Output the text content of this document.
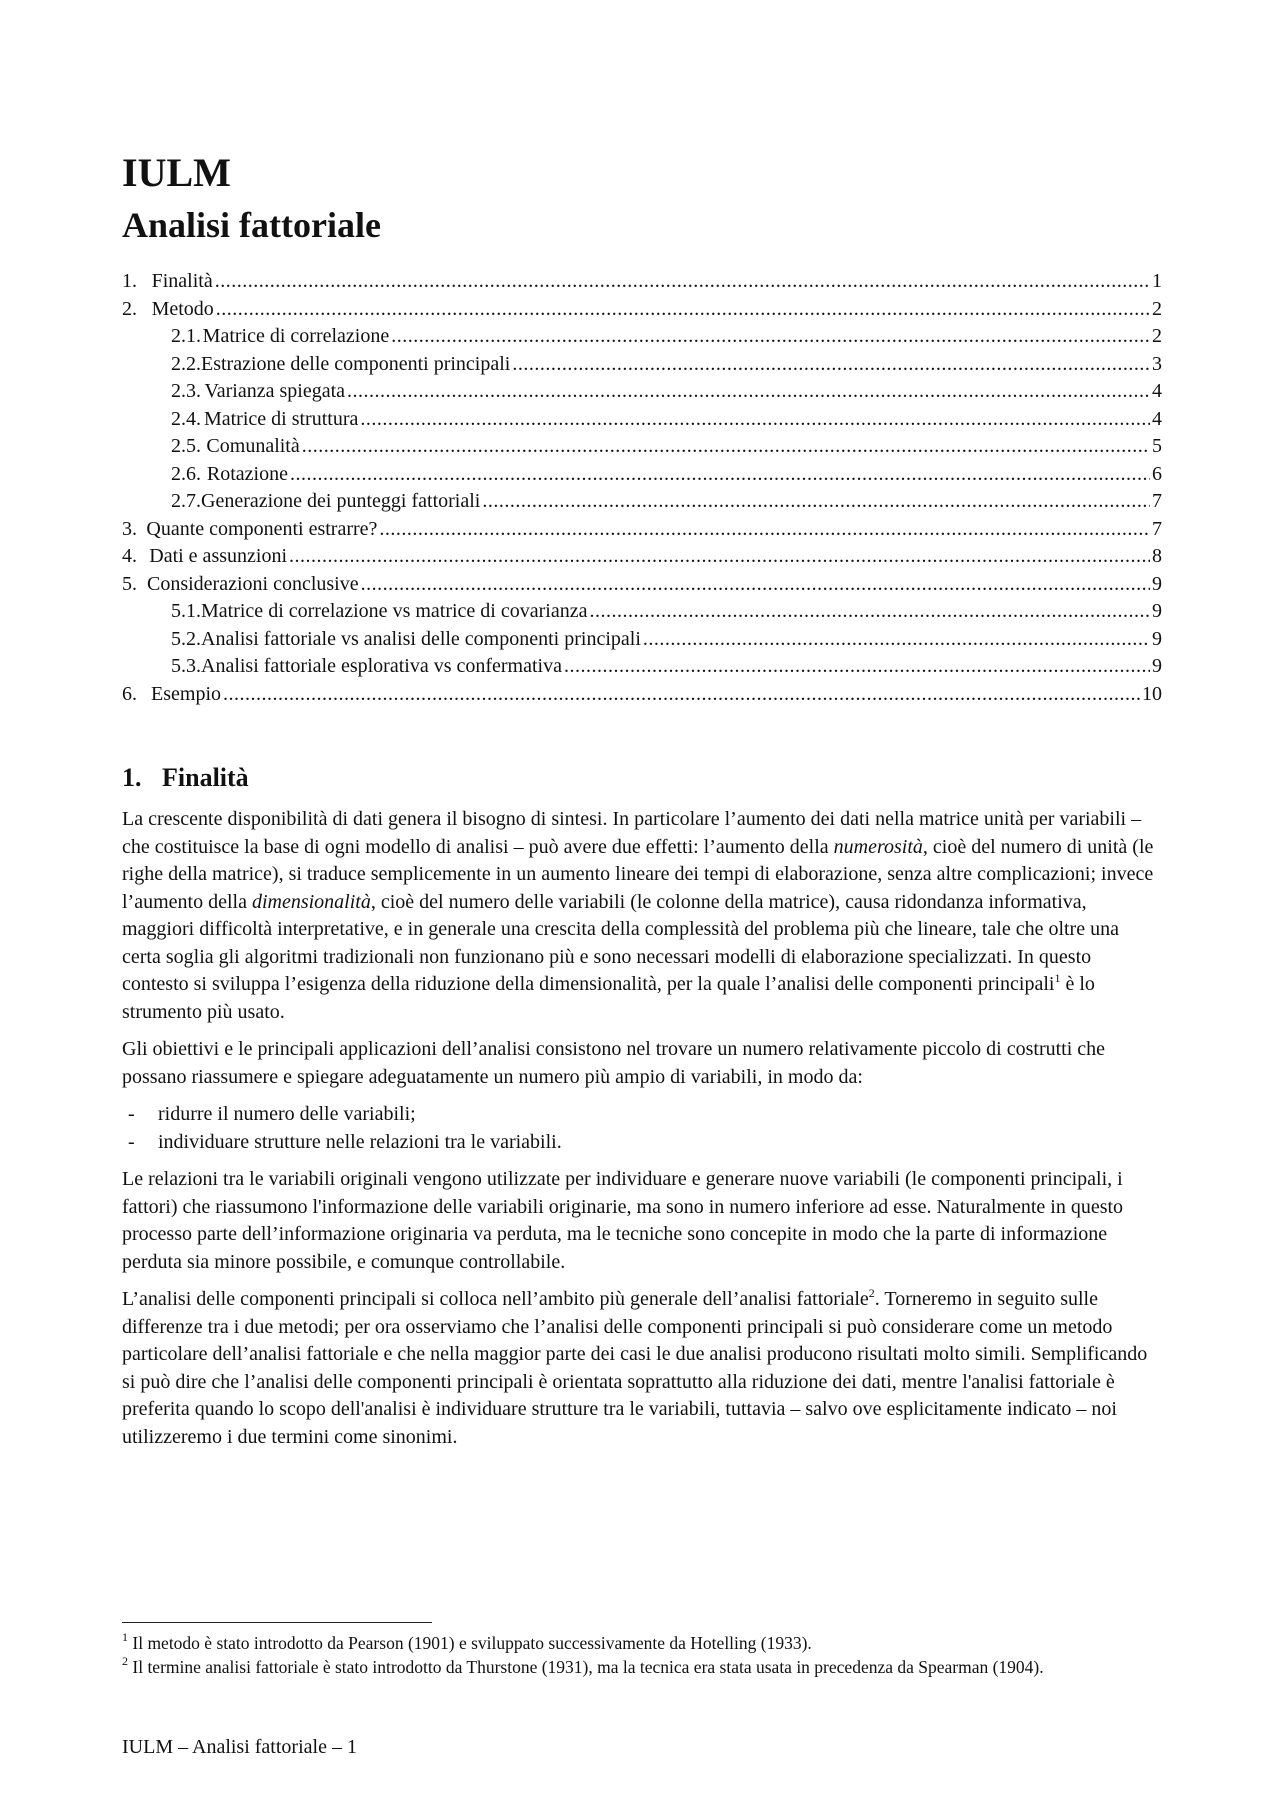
IULM
Analisi fattoriale
1. Finalità .....	1
2. Metodo .....	2
2.1. Matrice di correlazione .....	2
2.2. Estrazione delle componenti principali .....	3
2.3. Varianza spiegata .....	4
2.4. Matrice di struttura .....	4
2.5. Comunalità .....	5
2.6. Rotazione .....	6
2.7. Generazione dei punteggi fattoriali .....	7
3. Quante componenti estrarre? .....	7
4. Dati e assunzioni .....	8
5. Considerazioni conclusive .....	9
5.1. Matrice di correlazione vs matrice di covarianza .....	9
5.2. Analisi fattoriale vs analisi delle componenti principali .....	9
5.3. Analisi fattoriale esplorativa vs confermativa .....	9
6. Esempio .....	10
1. Finalità

La crescente disponibilità di dati genera il bisogno di sintesi. In particolare l’aumento dei dati nella matrice unità per variabili – che costituisce la base di ogni modello di analisi – può avere due effetti: l’aumento della numerosità, cioè del numero di unità (le righe della matrice), si traduce semplicemente in un aumento lineare dei tempi di elaborazione, senza altre complicazioni; invece l’aumento della dimensionalità, cioè del numero delle variabili (le colonne della matrice), causa ridondanza informativa, maggiori difficoltà interpretative, e in generale una crescita della complessità del problema più che lineare, tale che oltre una certa soglia gli algoritmi tradizionali non funzionano più e sono necessari modelli di elaborazione specializzati. In questo contesto si sviluppa l’esigenza della riduzione della dimensionalità, per la quale l’analisi delle componenti principali$^1$ è lo strumento più usato.

Gli obiettivi e le principali applicazioni dell’analisi consistono nel trovare un numero relativamente piccolo di costrutti che possano riassumere e spiegare adeguatamente un numero più ampio di variabili, in modo da:

-	ridurre il numero delle variabili;
-	individuare strutture nelle relazioni tra le variabili.

Le relazioni tra le variabili originali vengono utilizzate per individuare e generare nuove variabili (le componenti principali, i fattori) che riassumono l'informazione delle variabili originarie, ma sono in numero inferiore ad esse. Naturalmente in questo processo parte dell’informazione originaria va perduta, ma le tecniche sono concepite in modo che la parte di informazione perduta sia minore possibile, e comunque controllabile.

L’analisi delle componenti principali si colloca nell’ambito più generale dell’analisi fattoriale$^2$. Torneremo in seguito sulle differenze tra i due metodi; per ora osserviamo che l’analisi delle componenti principali si può considerare come un metodo particolare dell’analisi fattoriale e che nella maggior parte dei casi le due analisi producono risultati molto simili. Semplificando si può dire che l’analisi delle componenti principali è orientata soprattutto alla riduzione dei dati, mentre l'analisi fattoriale è preferita quando lo scopo dell'analisi è individuare strutture tra le variabili, tuttavia – salvo ove esplicitamente indicato – noi utilizzeremo i due termini come sinonimi.

$^1$ Il metodo è stato introdotto da Pearson (1901) e sviluppato successivamente da Hotelling (1933).

$^2$ Il termine analisi fattoriale è stato introdotto da Thurstone (1931), ma la tecnica era stata usata in precedenza da Spearman (1904).

IULM – Analisi fattoriale – 1
